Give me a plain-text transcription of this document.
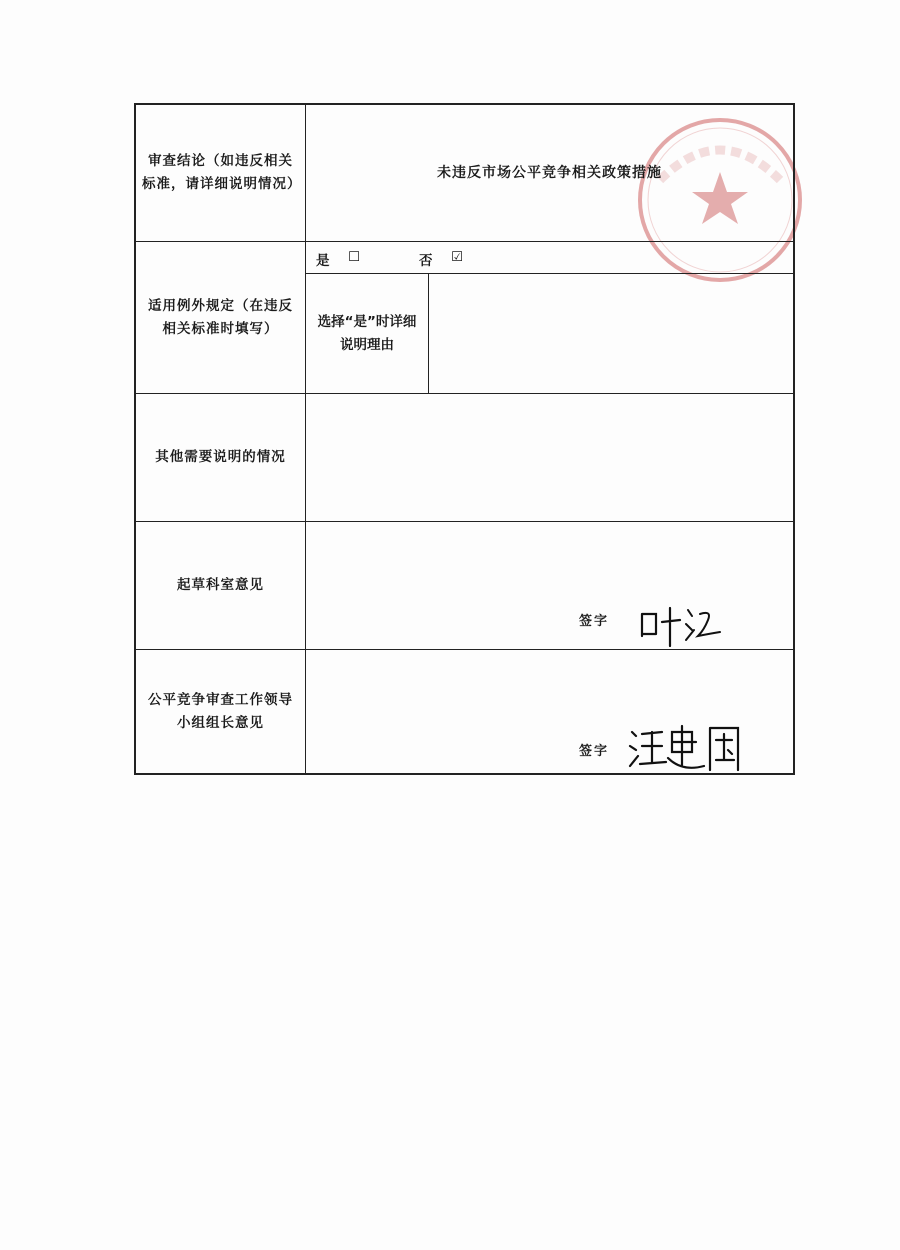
审查结论（如违反相关标准，请详细说明情况）
未违反市场公平竞争相关政策措施
适用例外规定（在违反相关标准时填写）
是 ☐	否 ☑
选择“是”时详细说明理由
其他需要说明的情况
起草科室意见
签字
公平竞争审查工作领导小组组长意见
签字
